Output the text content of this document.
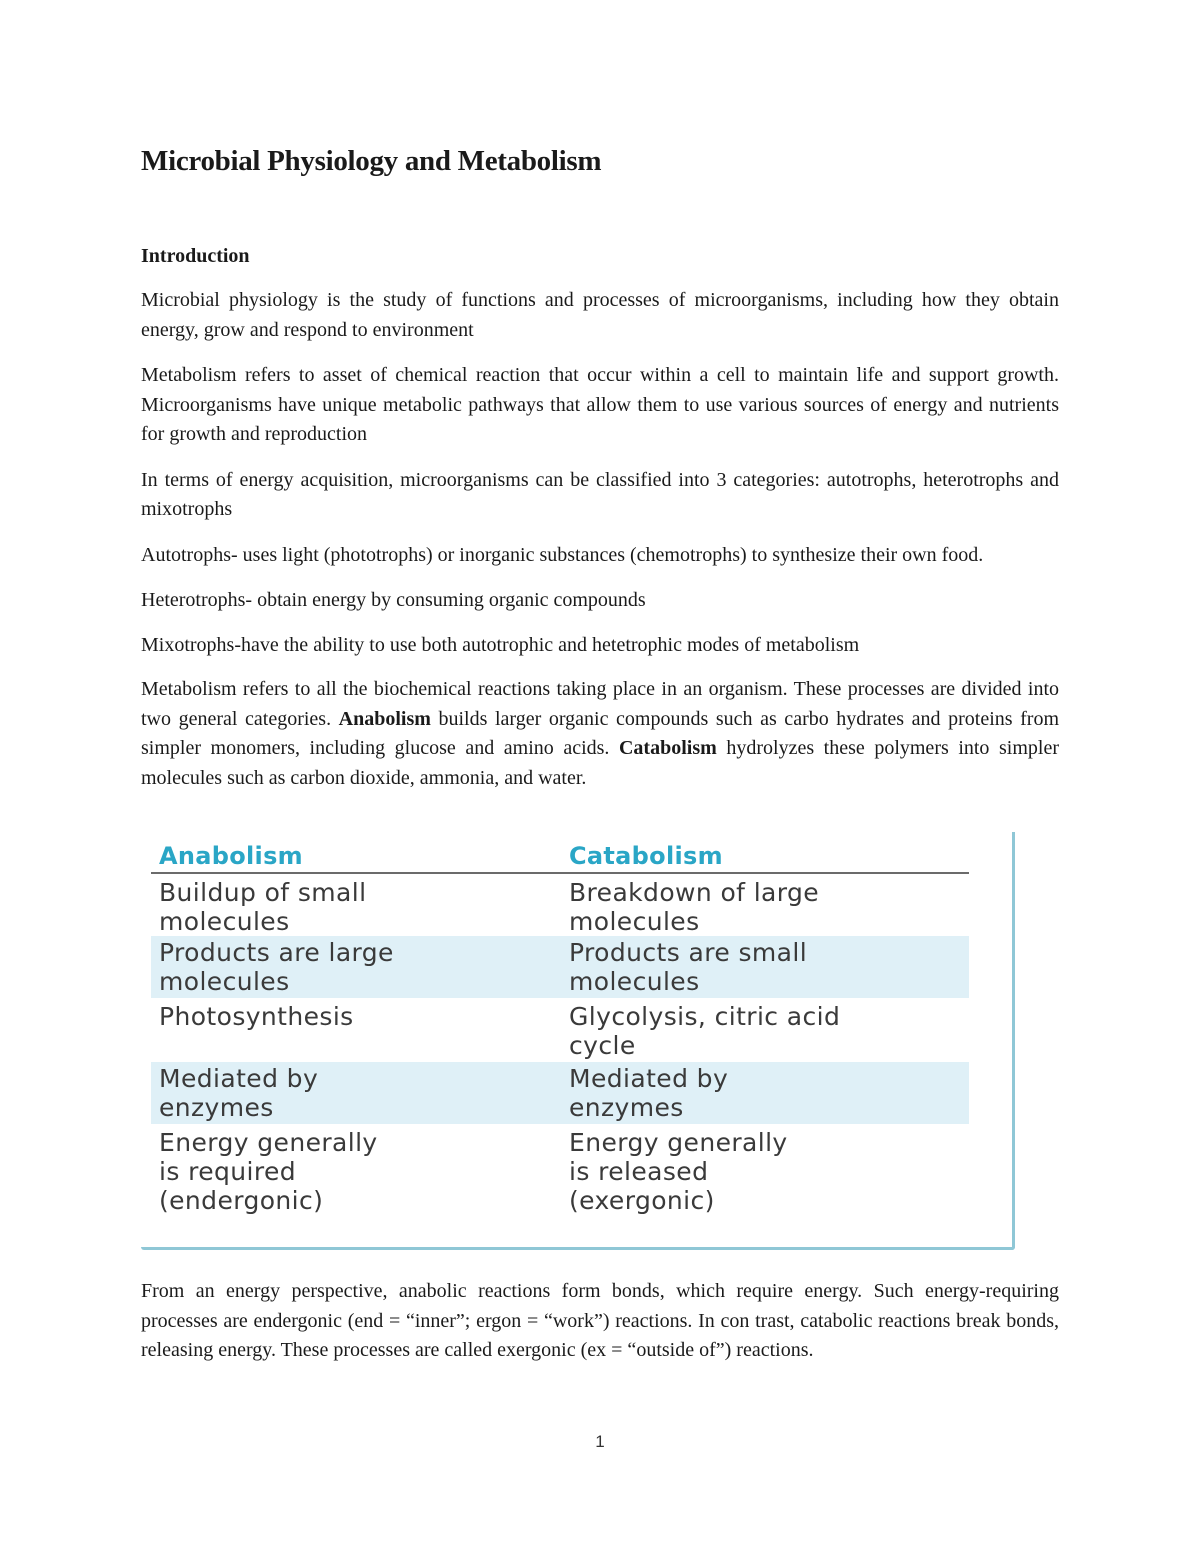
Microbial Physiology and Metabolism
Introduction

Microbial physiology is the study of functions and processes of microorganisms, including how they obtain energy, grow and respond to environment

Metabolism refers to asset of chemical reaction that occur within a cell to maintain life and support growth. Microorganisms have unique metabolic pathways that allow them to use various sources of energy and nutrients for growth and reproduction

In terms of energy acquisition, microorganisms can be classified into 3 categories: autotrophs, heterotrophs and mixotrophs

Autotrophs- uses light (phototrophs) or inorganic substances (chemotrophs) to synthesize their own food.

Heterotrophs- obtain energy by consuming organic compounds

Mixotrophs-have the ability to use both autotrophic and hetetrophic modes of metabolism

Metabolism refers to all the biochemical reactions taking place in an organism. These processes are divided into two general categories. Anabolism builds larger organic compounds such as carbo hydrates and proteins from simpler monomers, including glucose and amino acids. Catabolism hydrolyzes these polymers into simpler molecules such as carbon dioxide, ammonia, and water.

Anabolism	Catabolism
Buildup of small
molecules
Breakdown of large
molecules
Products are large
molecules
Products are small
molecules
Photosynthesis	Glycolysis, citric acid
cycle
Mediated by
enzymes
Mediated by
enzymes
Energy generally
is required
(endergonic)
Energy generally
is released
(exergonic)

From an energy perspective, anabolic reactions form bonds, which require energy. Such energy-requiring processes are endergonic (end = “inner”; ergon = “work”) reactions. In con trast, catabolic reactions break bonds, releasing energy. These processes are called exergonic (ex = “outside of”) reactions.

1
